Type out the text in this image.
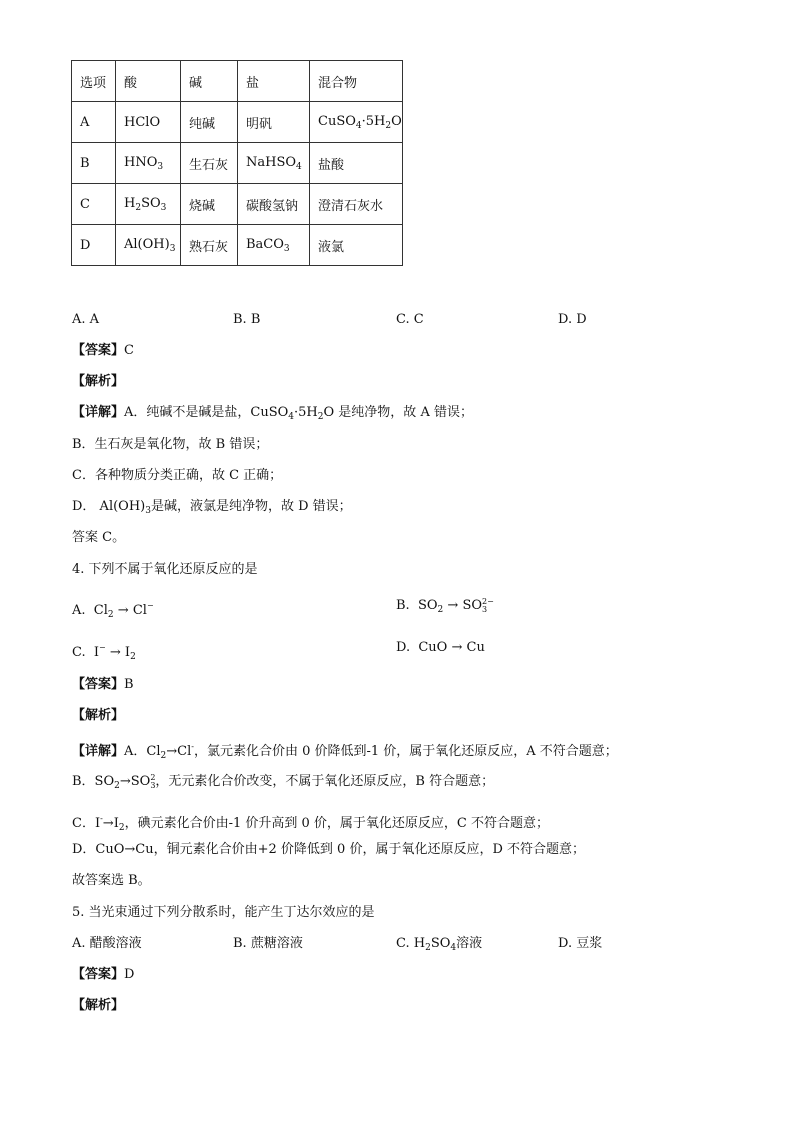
选项	酸	碱	盐	混合物
A	HClO	纯碱	明矾	$CuSO_4\cdot 5H_2O$
B	$HNO_3$	生石灰	NaHSO$_4$	盐酸
C	$H_2SO_3$	烧碱	碳酸氢钠	澄清石灰水
D	$Al(OH)_3$	熟石灰	BaCO$_3$	液氯
A. A	B. B	C. C	D. D
【答案】C
【解析】
【详解】A．纯碱不是碱是盐，$CuSO_4\cdot 5H_2O$ 是纯净物，故 A 错误；
B．生石灰是氧化物，故 B 错误；
C．各种物质分类正确，故 C 正确；
D． $Al(OH)_3$是碱，液氯是纯净物，故 D 错误；
答案 C。
4. 下列不属于氧化还原反应的是
A. $Cl_2 \to Cl^-$	B. $SO_2 \to SO2-$
3
C. $I^- \to I_2$
D. CuO → Cu
【答案】B
【解析】
【详解】A．$Cl_2\to Cl^-$，氯元素化合价由 0 价降低到-1 价，属于氧化还原反应，A 不符合题意；
B．$SO_2\to SO2$
3，无元素化合价改变，不属于氧化还原反应，B 符合题意；
C．$I^-\to I_2$，碘元素化合价由-1 价升高到 0 价，属于氧化还原反应，C 不符合题意；
D．CuO→Cu，铜元素化合价由+2 价降低到 0 价，属于氧化还原反应，D 不符合题意；
故答案选 B。
5. 当光束通过下列分散系时，能产生丁达尔效应的是
A. 醋酸溶液	B. 蔗糖溶液	C. $H_2SO_4$溶液	D. 豆浆
【答案】D
【解析】
